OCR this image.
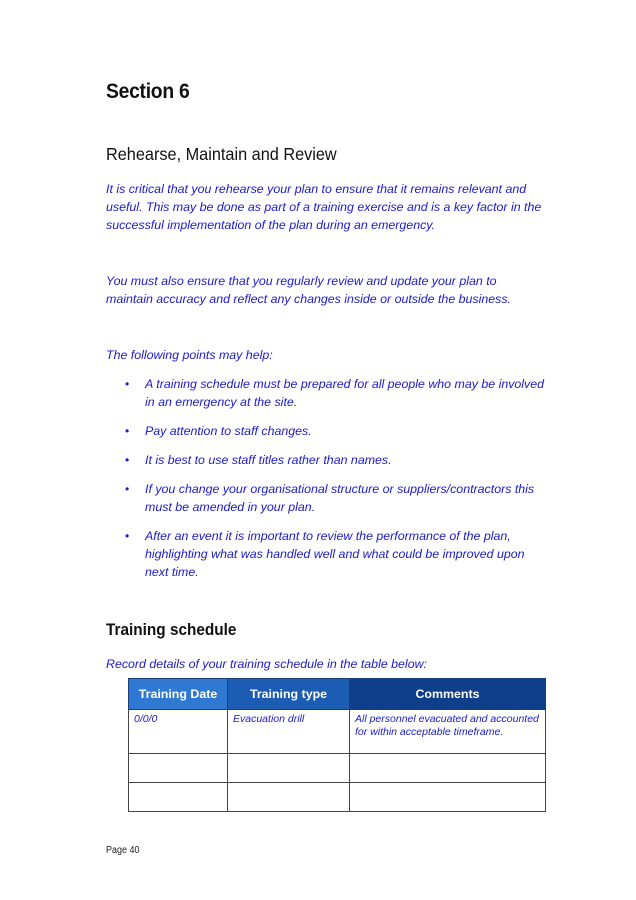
Section 6
Rehearse, Maintain and Review

It is critical that you rehearse your plan to ensure that it remains relevant and useful. This may be done as part of a training exercise and is a key factor in the successful implementation of the plan during an emergency.

You must also ensure that you regularly review and update your plan to maintain accuracy and reflect any changes inside or outside the business.

The following points may help:

• A training schedule must be prepared for all people who may be involved in an emergency at the site.
• Pay attention to staff changes.
• It is best to use staff titles rather than names.
• If you change your organisational structure or suppliers/contractors this must be amended in your plan.
• After an event it is important to review the performance of the plan, highlighting what was handled well and what could be improved upon next time.
Training schedule

Record details of your training schedule in the table below:

Training Date	Training type	Comments
0/0/0	Evacuation drill	All personnel evacuated and accounted for within acceptable timeframe.

Page 40
